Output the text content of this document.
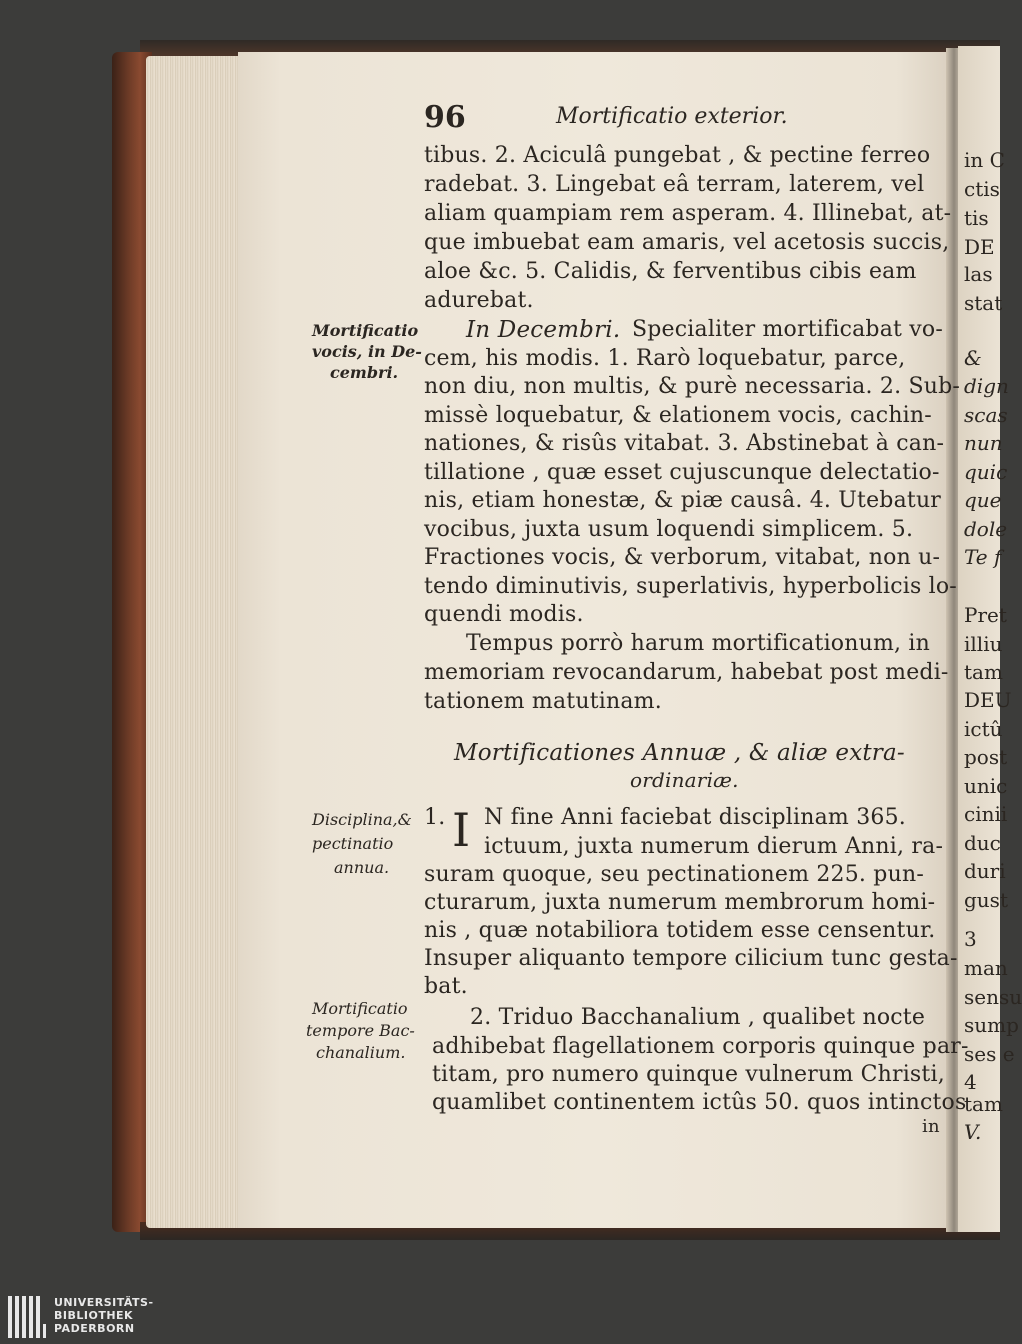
in C
ctis
tis
DE
las
stat
&
dign
scas
nun
quic
que
dole
Te f
Pret
illiu
tam
DEU
ictû
post
unic
cinii
duc
duri
gust
3
man
sensu
sump
ses e
4
tam
V.
96	Mortificatio exterior.
tibus. 2. Aciculâ pungebat , & pectine ferreo
radebat. 3. Lingebat eâ terram, laterem, vel
aliam quampiam rem asperam. 4. Illinebat, at-
que imbuebat eam amaris, vel acetosis succis,
aloe &c. 5. Calidis, & ferventibus cibis eam
adurebat.
Mortificatio
vocis, in De-
cembri.
In Decembri. Specialiter mortificabat vo-
cem, his modis. 1. Rarò loquebatur, parce,
non diu, non multis, & purè necessaria. 2. Sub-
missè loquebatur, & elationem vocis, cachin-
nationes, & risûs vitabat. 3. Abstinebat à can-
tillatione , quæ esset cujuscunque delectatio-
nis, etiam honestæ, & piæ causâ. 4. Utebatur
vocibus, juxta usum loquendi simplicem. 5.
Fractiones vocis, & verborum, vitabat, non u-
tendo diminutivis, superlativis, hyperbolicis lo-
quendi modis.
Tempus porrò harum mortificationum, in
memoriam revocandarum, habebat post medi-
tationem matutinam.
Mortificationes Annuæ , & aliæ extra-
ordinariæ.
Disciplina,&
pectinatio
annua.
1. I N fine Anni faciebat disciplinam 365.
ictuum, juxta numerum dierum Anni, ra-
suram quoque, seu pectinationem 225. pun-
cturarum, juxta numerum membrorum homi-
nis , quæ notabiliora totidem esse censentur.
Insuper aliquanto tempore cilicium tunc gesta-
bat.
Mortificatio
tempore Bac-
chanalium.
2. Triduo Bacchanalium , qualibet nocte
adhibebat flagellationem corporis quinque par-
titam, pro numero quinque vulnerum Christi,
quamlibet continentem ictûs 50. quos intinctos
in
UNIVERSITÄTS-
BIBLIOTHEK
PADERBORN
